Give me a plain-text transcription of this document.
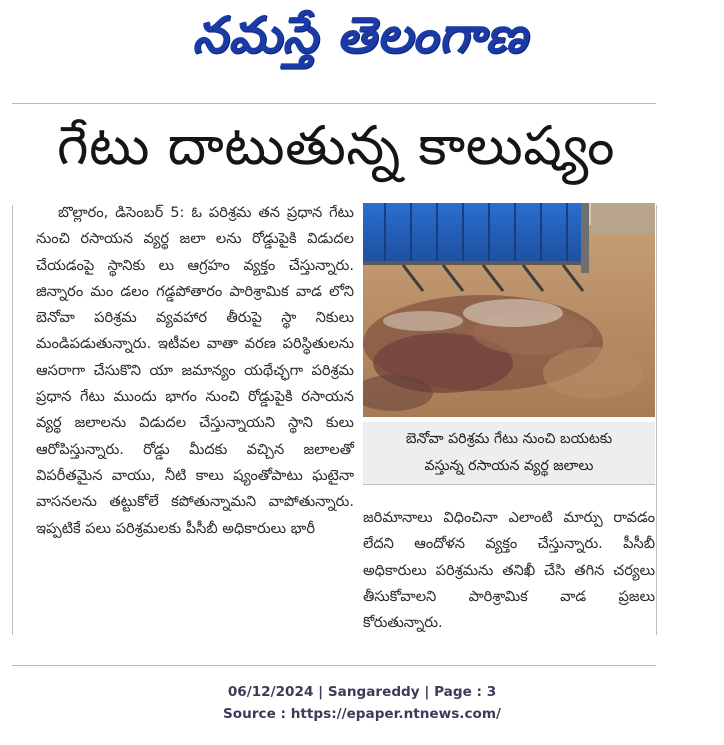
నమస్తే తెలంగాణ
గేటు దాటుతున్న కాలుష్యం

బొల్లారం, డిసెంబర్ 5: ఓ పరిశ్రమ తన ప్రధాన గేటు నుంచి రసాయన వ్యర్థ జలా లను రోడ్డుపైకి విడుదల చేయడంపై స్థానికు లు ఆగ్రహం వ్యక్తం చేస్తున్నారు. జిన్నారం మం డలం గడ్డపోతారం పారిశ్రామిక వాడ లోని బెనోవా పరిశ్రమ వ్యవహార తీరుపై స్థా నికులు మండిపడుతున్నారు. ఇటీవల వాతా వరణ పరిస్థితులను ఆసరాగా చేసుకొని యా జమాన్యం యథేచ్ఛగా పరిశ్రమ ప్రధాన గేటు ముందు భాగం నుంచి రోడ్డుపైకి రసాయన వ్యర్థ జలాలను విడుదల చేస్తున్నాయని స్థాని కులు ఆరోపిస్తున్నారు. రోడ్డు మీదకు వచ్చిన జలాలతో విపరీతమైన వాయు, నీటి కాలు ష్యంతోపాటు ఘటైనా వాసనలను తట్టుకోలే కపోతున్నామని వాపోతున్నారు. ఇప్పటికే పలు పరిశ్రమలకు పీసీబీ అధికారులు భారీ

బెనోవా పరిశ్రమ గేటు నుంచి బయటకు
వస్తున్న రసాయన వ్యర్థ జలాలు

జరిమానాలు విధించినా ఎలాంటి మార్పు రావడం లేదని ఆందోళన వ్యక్తం చేస్తున్నారు. పీసీబీ అధికారులు పరిశ్రమను తనిఖీ చేసి తగిన చర్యలు తీసుకోవాలని పారిశ్రామిక వాడ ప్రజలు కోరుతున్నారు.

06/12/2024 | Sangareddy | Page : 3
Source : https://epaper.ntnews.com/
